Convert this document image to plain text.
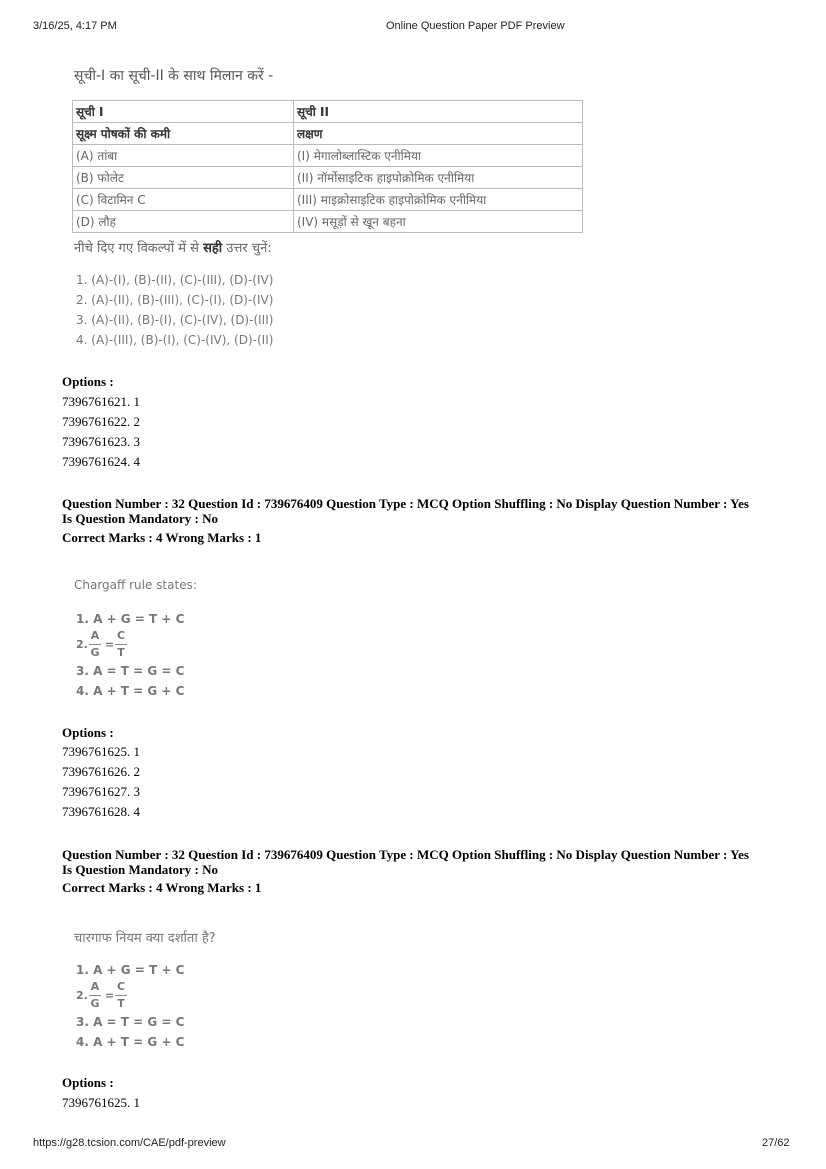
3/16/25, 4:17 PM	Online Question Paper PDF Preview
सूची-I का सूची-II के साथ मिलान करें -
सूची I	सूची II
सूक्ष्म पोषकों की कमी	लक्षण
(A) तांबा	(I) मेगालोब्लास्टिक एनीमिया
(B) फोलेट	(II) नॉर्मोसाइटिक हाइपोक्रोमिक एनीमिया
(C) विटामिन C	(III) माइक्रोसाइटिक हाइपोक्रोमिक एनीमिया
(D) लौह	(IV) मसूड़ों से खून बहना
नीचे दिए गए विकल्पों में से सही उत्तर चुनें:
1. (A)-(I), (B)-(II), (C)-(III), (D)-(IV)
2. (A)-(II), (B)-(III), (C)-(I), (D)-(IV)
3. (A)-(II), (B)-(I), (C)-(IV), (D)-(III)
4. (A)-(III), (B)-(I), (C)-(IV), (D)-(II)
Options :
7396761621. 1
7396761622. 2
7396761623. 3
7396761624. 4
Question Number : 32 Question Id : 739676409 Question Type : MCQ Option Shuffling : No Display Question Number : Yes
Is Question Mandatory : No
Correct Marks : 4 Wrong Marks : 1
Chargaff rule states:
1. A + G = T + C
2.
A
G
=
C
T
3. A = T = G = C
4. A + T = G + C
Options :
7396761625. 1
7396761626. 2
7396761627. 3
7396761628. 4
Question Number : 32 Question Id : 739676409 Question Type : MCQ Option Shuffling : No Display Question Number : Yes
Is Question Mandatory : No
Correct Marks : 4 Wrong Marks : 1
चारगाफ नियम क्या दर्शाता है?
1. A + G = T + C
2.
A
G
=
C
T
3. A = T = G = C
4. A + T = G + C
Options :
7396761625. 1
https://g28.tcsion.com/CAE/pdf-preview	27/62
